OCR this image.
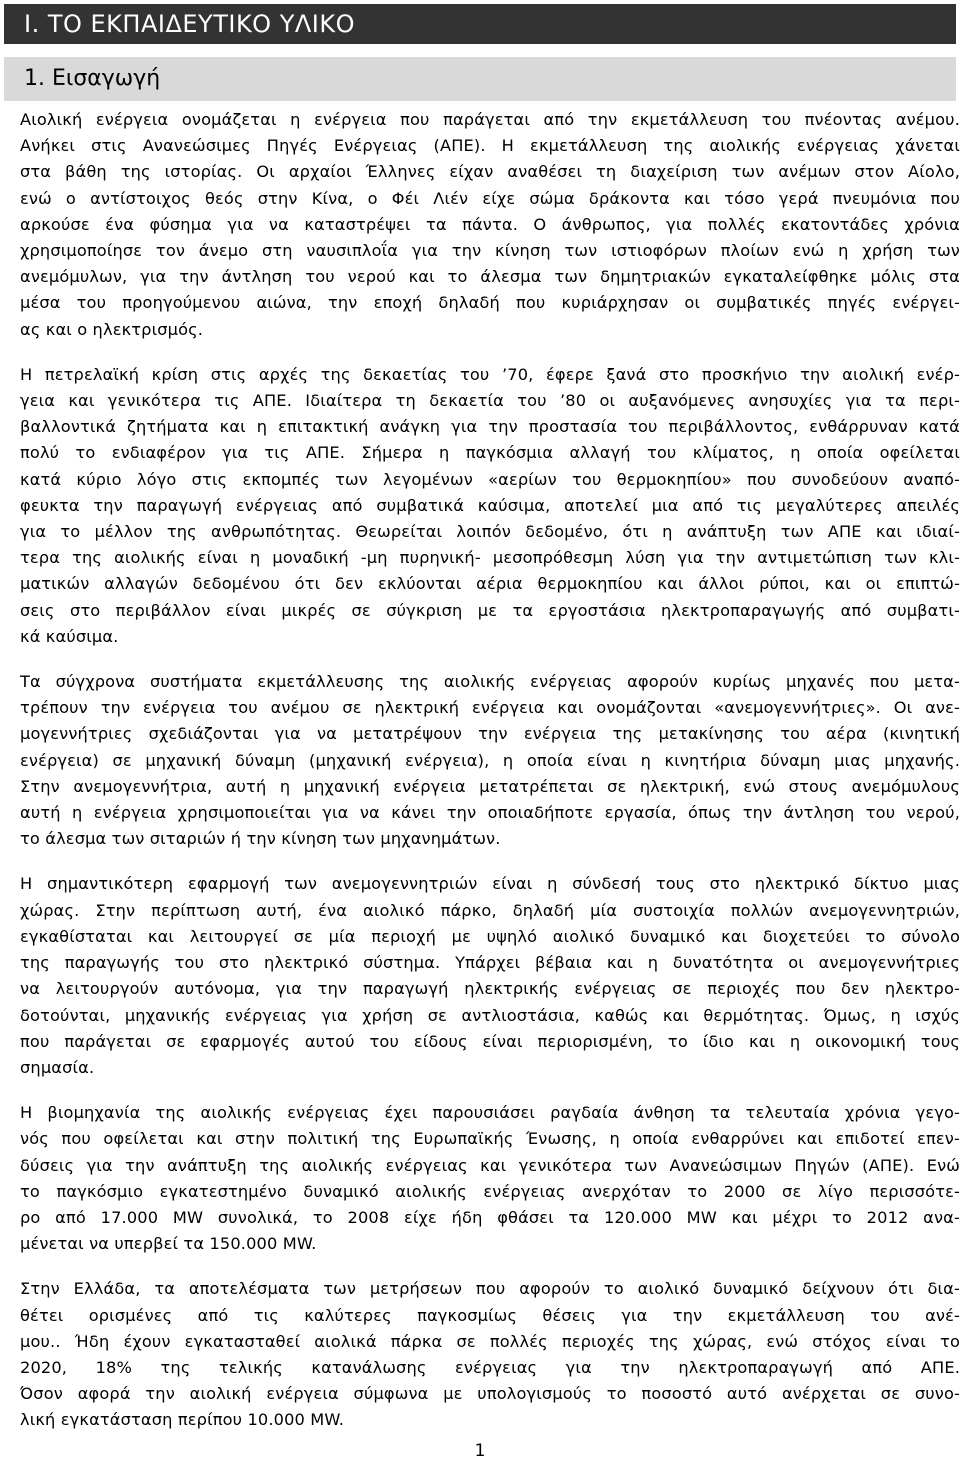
I. ΤΟ ΕΚΠΑΙΔΕΥΤΙΚΟ ΥΛΙΚΟ
1. Εισαγωγή

Αιολική ενέργεια ονομάζεται η ενέργεια που παράγεται από την εκμετάλλευση του πνέοντας ανέμου.
Ανήκει στις Ανανεώσιμες Πηγές Ενέργειας (ΑΠΕ). Η εκμετάλλευση της αιολικής ενέργειας χάνεται
στα βάθη της ιστορίας. Οι αρχαίοι Έλληνες είχαν αναθέσει τη διαχείριση των ανέμων στον Αίολο,
ενώ ο αντίστοιχος θεός στην Κίνα, ο Φέι Λιέν είχε σώμα δράκοντα και τόσο γερά πνευμόνια που
αρκούσε ένα φύσημα για να καταστρέψει τα πάντα. Ο άνθρωπος, για πολλές εκατοντάδες χρόνια
χρησιμοποίησε τον άνεμο στη ναυσιπλοΐα για την κίνηση των ιστιοφόρων πλοίων ενώ η χρήση των
ανεμόμυλων, για την άντληση του νερού και το άλεσμα των δημητριακών εγκαταλείφθηκε μόλις στα
μέσα του προηγούμενου αιώνα, την εποχή δηλαδή που κυριάρχησαν οι συμβατικές πηγές ενέργει-
ας και ο ηλεκτρισμός.

Η πετρελαϊκή κρίση στις αρχές της δεκαετίας του ’70, έφερε ξανά στο προσκήνιο την αιολική ενέρ-
γεια και γενικότερα τις ΑΠΕ. Ιδιαίτερα τη δεκαετία του ’80 οι αυξανόμενες ανησυχίες για τα περι-
βαλλοντικά ζητήματα και η επιτακτική ανάγκη για την προστασία του περιβάλλοντος, ενθάρρυναν κατά
πολύ το ενδιαφέρον για τις ΑΠΕ. Σήμερα η παγκόσμια αλλαγή του κλίματος, η οποία οφείλεται
κατά κύριο λόγο στις εκπομπές των λεγομένων «αερίων του θερμοκηπίου» που συνοδεύουν αναπό-
φευκτα την παραγωγή ενέργειας από συμβατικά καύσιμα, αποτελεί μια από τις μεγαλύτερες απειλές
για το μέλλον της ανθρωπότητας. Θεωρείται λοιπόν δεδομένο, ότι η ανάπτυξη των ΑΠΕ και ιδιαί-
τερα της αιολικής είναι η μοναδική -μη πυρηνική- μεσοπρόθεσμη λύση για την αντιμετώπιση των κλι-
ματικών αλλαγών δεδομένου ότι δεν εκλύονται αέρια θερμοκηπίου και άλλοι ρύποι, και οι επιπτώ-
σεις στο περιβάλλον είναι μικρές σε σύγκριση με τα εργοστάσια ηλεκτροπαραγωγής από συμβατι-
κά καύσιμα.

Τα σύγχρονα συστήματα εκμετάλλευσης της αιολικής ενέργειας αφορούν κυρίως μηχανές που μετα-
τρέπουν την ενέργεια του ανέμου σε ηλεκτρική ενέργεια και ονομάζονται «ανεμογεννήτριες». Οι ανε-
μογεννήτριες σχεδιάζονται για να μετατρέψουν την ενέργεια της μετακίνησης του αέρα (κινητική
ενέργεια) σε μηχανική δύναμη (μηχανική ενέργεια), η οποία είναι η κινητήρια δύναμη μιας μηχανής.
Στην ανεμογεννήτρια, αυτή η μηχανική ενέργεια μετατρέπεται σε ηλεκτρική, ενώ στους ανεμόμυλους
αυτή η ενέργεια χρησιμοποιείται για να κάνει την οποιαδήποτε εργασία, όπως την άντληση του νερού,
το άλεσμα των σιταριών ή την κίνηση των μηχανημάτων.

Η σημαντικότερη εφαρμογή των ανεμογεννητριών είναι η σύνδεσή τους στο ηλεκτρικό δίκτυο μιας
χώρας. Στην περίπτωση αυτή, ένα αιολικό πάρκο, δηλαδή μία συστοιχία πολλών ανεμογεννητριών,
εγκαθίσταται και λειτουργεί σε μία περιοχή με υψηλό αιολικό δυναμικό και διοχετεύει το σύνολο
της παραγωγής του στο ηλεκτρικό σύστημα. Υπάρχει βέβαια και η δυνατότητα οι ανεμογεννήτριες
να λειτουργούν αυτόνομα, για την παραγωγή ηλεκτρικής ενέργειας σε περιοχές που δεν ηλεκτρο-
δοτούνται, μηχανικής ενέργειας για χρήση σε αντλιοστάσια, καθώς και θερμότητας. Όμως, η ισχύς
που παράγεται σε εφαρμογές αυτού του είδους είναι περιορισμένη, το ίδιο και η οικονομική τους
σημασία.

Η βιομηχανία της αιολικής ενέργειας έχει παρουσιάσει ραγδαία άνθηση τα τελευταία χρόνια γεγο-
νός που οφείλεται και στην πολιτική της Ευρωπαϊκής Ένωσης, η οποία ενθαρρύνει και επιδοτεί επεν-
δύσεις για την ανάπτυξη της αιολικής ενέργειας και γενικότερα των Ανανεώσιμων Πηγών (ΑΠΕ). Ενώ
το παγκόσμιο εγκατεστημένο δυναμικό αιολικής ενέργειας ανερχόταν το 2000 σε λίγο περισσότε-
ρο από 17.000 MW συνολικά, το 2008 είχε ήδη φθάσει τα 120.000 MW και μέχρι το 2012 ανα-
μένεται να υπερβεί τα 150.000 MW.

Στην Ελλάδα, τα αποτελέσματα των μετρήσεων που αφορούν το αιολικό δυναμικό δείχνουν ότι δια-
θέτει ορισμένες από τις καλύτερες παγκοσμίως θέσεις για την εκμετάλλευση του ανέ-
μου.. Ήδη έχουν εγκατασταθεί αιολικά πάρκα σε πολλές περιοχές της χώρας, ενώ στόχος είναι το
2020, 18% της τελικής κατανάλωσης ενέργειας για την ηλεκτροπαραγωγή από ΑΠΕ.
Όσον αφορά την αιολική ενέργεια σύμφωνα με υπολογισμούς το ποσοστό αυτό ανέρχεται σε συνο-
λική εγκατάσταση περίπου 10.000 MW.

1
